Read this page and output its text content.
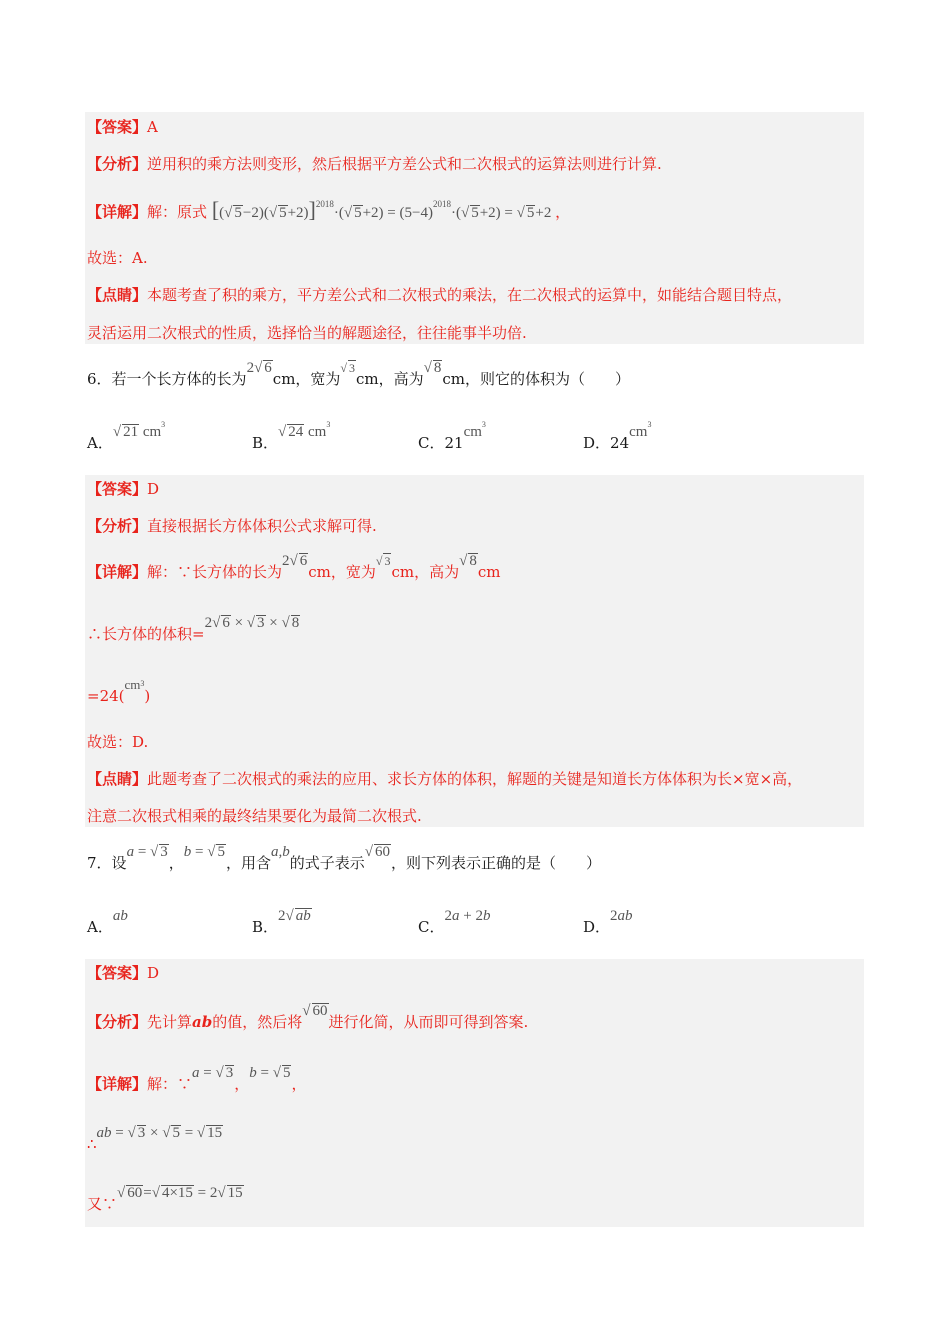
【答案】A
【分析】逆用积的乘方法则变形，然后根据平方差公式和二次根式的运算法则进行计算.
【详解】解：原式 [(√ 5−2)(√ 5+2)]$^{2018}$·(√ $5+2) = (5-4)^{2018}\cdot(√$ 5+2) = √ 5+2 ，
故选：A.
【点睛】本题考查了积的乘方，平方差公式和二次根式的乘法，在二次根式的运算中，如能结合题目特点，
灵活运用二次根式的性质，选择恰当的解题途径，往往能事半功倍.
6．若一个长方体的长为2√ 6cm，宽为$^{√ 3}$cm，高为√ 8cm，则它的体积为（　　）
A．√ 21 $cm^3$
B．√ 24 $cm^3$
C．$21cm^3$
D．$24cm^3$
【答案】D
【分析】直接根据长方体体积公式求解可得.
【详解】解：∵长方体的长为2√ 6cm，宽为$^{√ 3}$cm，高为√ 8cm
∴长方体的体积=2√ 6 × √ 3 × √ 8
$=24(cm^3)$
故选：D.
【点睛】此题考查了二次根式的乘法的应用、求长方体的体积，解题的关键是知道长方体体积为长×宽×高，
注意二次根式相乘的最终结果要化为最简二次根式.
7．设a = √ 3，b = √ 5，用含a,b的式子表示√ 60，则下列表示正确的是（　　）
A．ab
B．2√ ab
C．2a + 2b
D．2ab
【答案】D
【分析】先计算ab的值，然后将√ 60进行化简，从而即可得到答案.
【详解】解：∵a = √ 3，b = √ 5，
∴ab = √ 3 × √ 5 = √ 15
又∵√ 60=√ 4×15 = 2√ 15
